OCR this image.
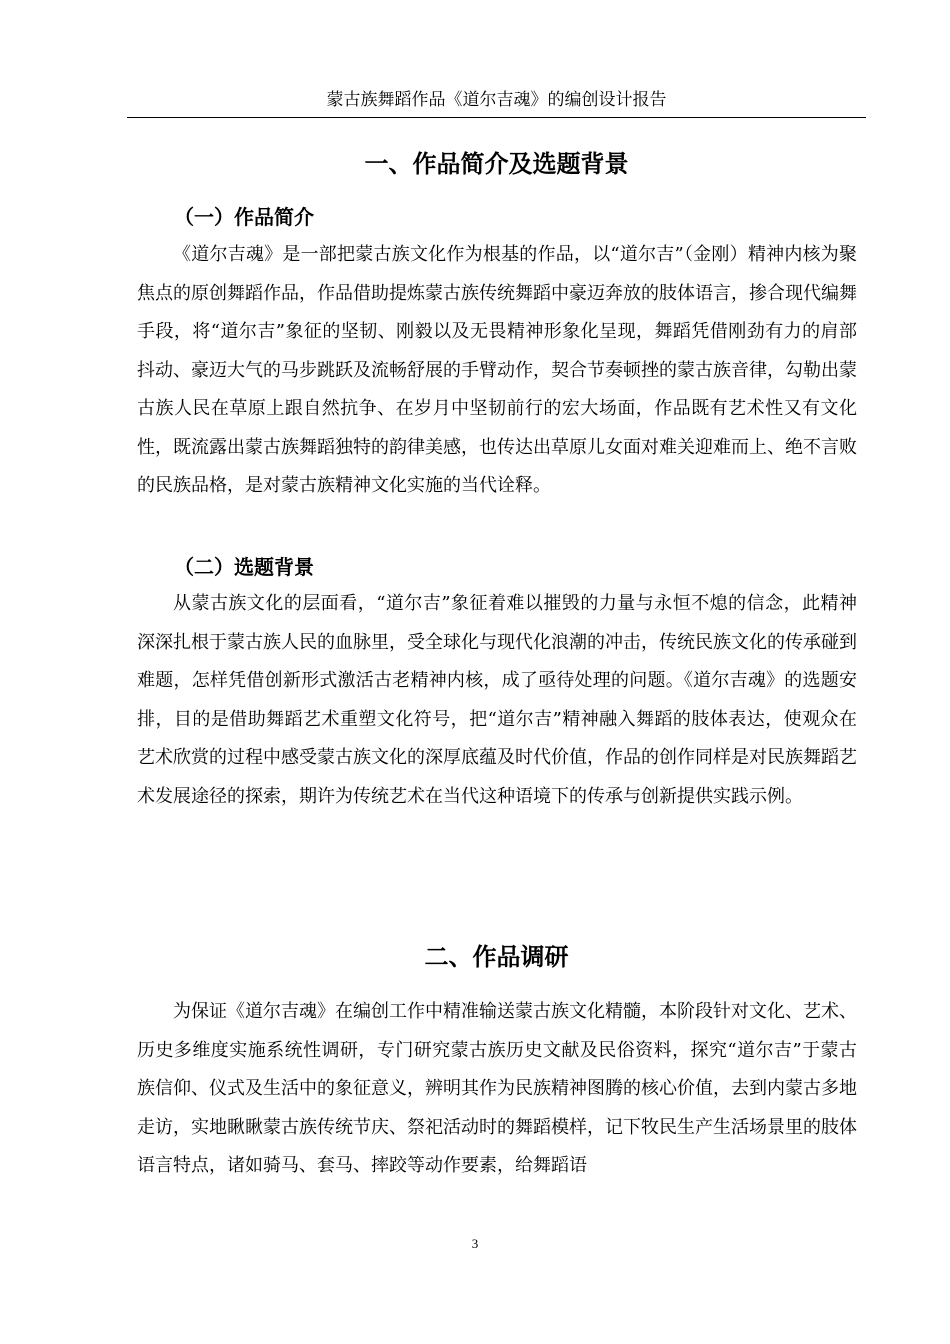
蒙古族舞蹈作品《道尔吉魂》的编创设计报告
一、作品简介及选题背景
（一）作品简介

《道尔吉魂》是一部把蒙古族文化作为根基的作品，以“道尔吉”（金刚）精神内核为聚焦点的原创舞蹈作品，作品借助提炼蒙古族传统舞蹈中豪迈奔放的肢体语言，掺合现代编舞手段，将“道尔吉”象征的坚韧、刚毅以及无畏精神形象化呈现，舞蹈凭借刚劲有力的肩部抖动、豪迈大气的马步跳跃及流畅舒展的手臂动作，契合节奏顿挫的蒙古族音律，勾勒出蒙古族人民在草原上跟自然抗争、在岁月中坚韧前行的宏大场面，作品既有艺术性又有文化性，既流露出蒙古族舞蹈独特的韵律美感，也传达出草原儿女面对难关迎难而上、绝不言败的民族品格，是对蒙古族精神文化实施的当代诠释。

（二）选题背景

从蒙古族文化的层面看，“道尔吉”象征着难以摧毁的力量与永恒不熄的信念，此精神深深扎根于蒙古族人民的血脉里，受全球化与现代化浪潮的冲击，传统民族文化的传承碰到难题，怎样凭借创新形式激活古老精神内核，成了亟待处理的问题。《道尔吉魂》的选题安排，目的是借助舞蹈艺术重塑文化符号，把“道尔吉”精神融入舞蹈的肢体表达，使观众在艺术欣赏的过程中感受蒙古族文化的深厚底蕴及时代价值，作品的创作同样是对民族舞蹈艺术发展途径的探索，期许为传统艺术在当代这种语境下的传承与创新提供实践示例。

二、作品调研

为保证《道尔吉魂》在编创工作中精准输送蒙古族文化精髓，本阶段针对文化、艺术、历史多维度实施系统性调研，专门研究蒙古族历史文献及民俗资料，探究“道尔吉”于蒙古族信仰、仪式及生活中的象征意义，辨明其作为民族精神图腾的核心价值，去到内蒙古多地走访，实地瞅瞅蒙古族传统节庆、祭祀活动时的舞蹈模样，记下牧民生产生活场景里的肢体语言特点，诸如骑马、套马、摔跤等动作要素，给舞蹈语

3
